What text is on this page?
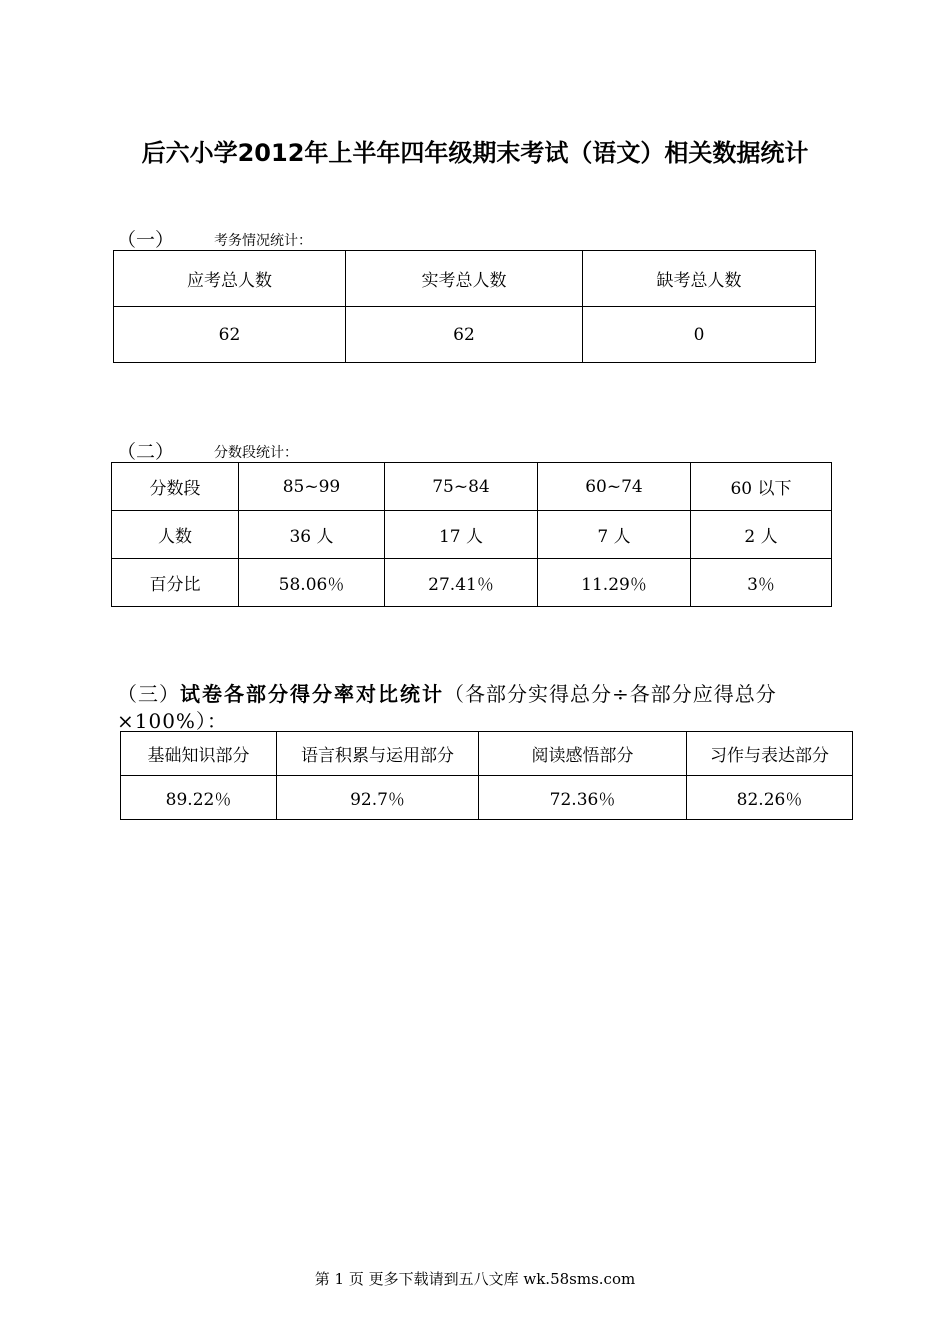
后六小学2012年上半年四年级期末考试（语文）相关数据统计
（一）	考务情况统计：
应考总人数	实考总人数	缺考总人数
62	62	0
（二）	分数段统计：
分数段	85~99	75~84	60~74	60 以下
人数	36 人	17 人	7 人	2 人
百分比	58.06％	27.41％	11.29％	3％
（三）试卷各部分得分率对比统计（各部分实得总分÷各部分应得总分×100%）：
基础知识部分	语言积累与运用部分	阅读感悟部分	习作与表达部分
89.22％	92.7％	72.36％	82.26％
第 1 页 更多下载请到五八文库 wk.58sms.com
